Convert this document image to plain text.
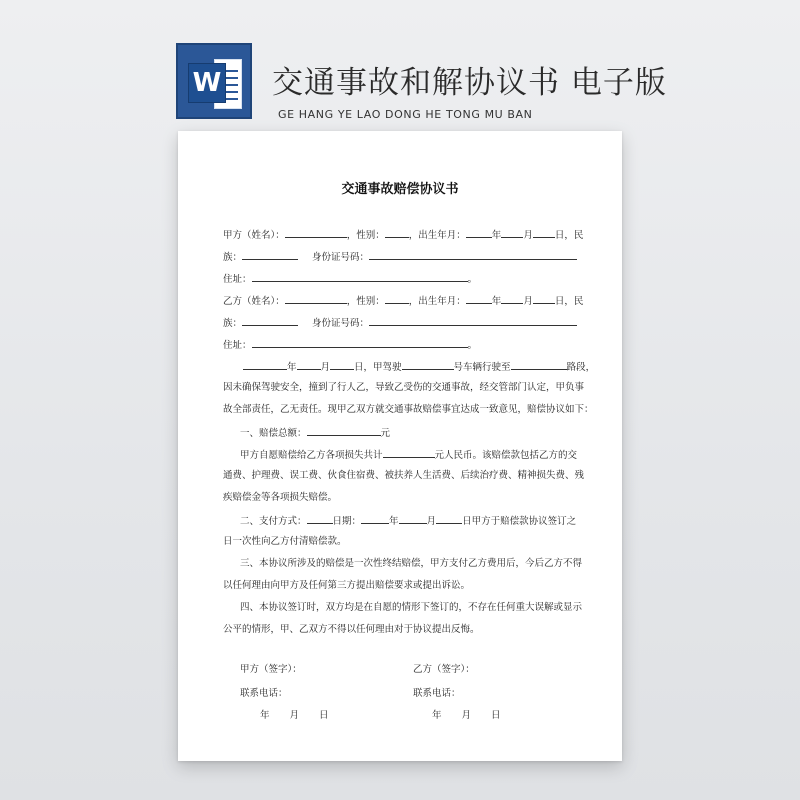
W 交通事故和解协议书 电子版
GE HANG YE LAO DONG HE TONG MU BAN
交通事故赔偿协议书
甲方（姓名）：	，性别：	，出生年月：	年 月 日，民
族：	身份证号码：
住址：	。
乙方（姓名）：	，性别：	，出生年月：	年 月 日，民
族：	身份证号码：
住址：	。
年	月	日，甲驾驶	号车辆行驶至	路段，
因未确保驾驶安全，撞到了行人乙，导致乙受伤的交通事故，经交管部门认定，甲负事
故全部责任，乙无责任。现甲乙双方就交通事故赔偿事宜达成一致意见，赔偿协议如下：
一、赔偿总额：	元
甲方自愿赔偿给乙方各项损失共计	元人民币。该赔偿款包括乙方的交
通费、护理费、误工费、伙食住宿费、被扶养人生活费、后续治疗费、精神损失费、残
疾赔偿金等各项损失赔偿。
二、支付方式：	日期：	年	月	日甲方于赔偿款协议签订之
日一次性向乙方付清赔偿款。
三、本协议所涉及的赔偿是一次性终结赔偿，甲方支付乙方费用后，今后乙方不得
以任何理由向甲方及任何第三方提出赔偿要求或提出诉讼。
四、本协议签订时，双方均是在自愿的情形下签订的，不存在任何重大误解或显示
公平的情形，甲、乙双方不得以任何理由对于协议提出反悔。
甲方（签字）：	乙方（签字）：
联系电话：	联系电话：
年 月 日	年 月 日
